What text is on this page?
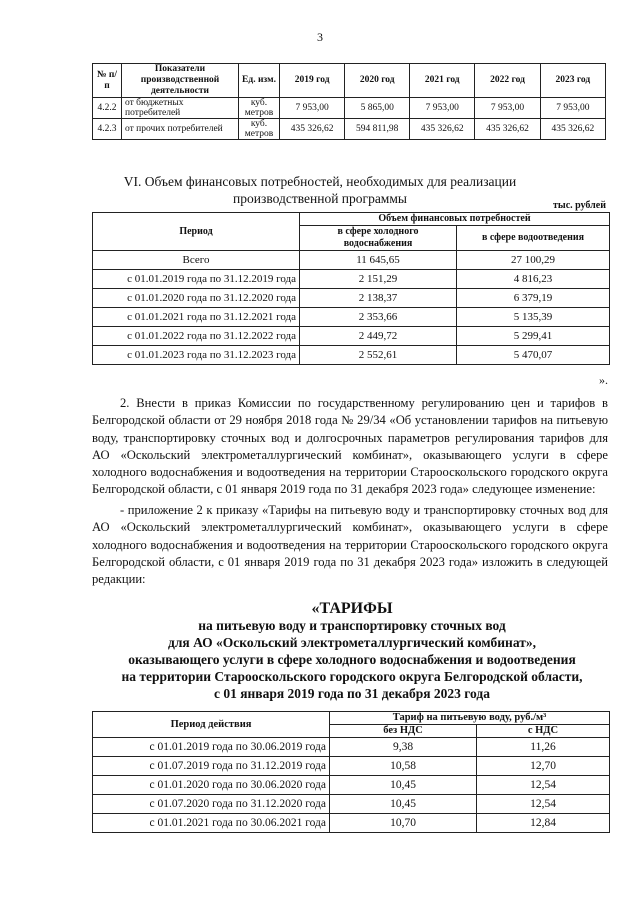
3
№ п/п	Показатели производственной деятельности	Ед. изм.	2019 год	2020 год	2021 год	2022 год	2023 год
4.2.2	от бюджетных потребителей	куб. метров	7 953,00	5 865,00	7 953,00	7 953,00	7 953,00
4.2.3	от прочих потребителей	куб. метров	435 326,62	594 811,98	435 326,62	435 326,62	435 326,62
VI. Объем финансовых потребностей, необходимых для реализации
производственной программы	тыс. рублей
Период	Объем финансовых потребностей	
	в сфере холодного водоснабжения	в сфере водоотведения
Всего	11 645,65	27 100,29
с 01.01.2019 года по 31.12.2019 года	2 151,29	4 816,23
с 01.01.2020 года по 31.12.2020 года	2 138,37	6 379,19
с 01.01.2021 года по 31.12.2021 года	2 353,66	5 135,39
с 01.01.2022 года по 31.12.2022 года	2 449,72	5 299,41
с 01.01.2023 года по 31.12.2023 года	2 552,61	5 470,07
».

2. Внести в приказ Комиссии по государственному регулированию цен и тарифов в Белгородской области от 29 ноября 2018 года № 29/34 «Об установлении тарифов на питьевую воду, транспортировку сточных вод и долгосрочных параметров регулирования тарифов для АО «Оскольский электрометаллургический комбинат», оказывающего услуги в сфере холодного водоснабжения и водоотведения на территории Старооскольского городского округа Белгородской области, с 01 января 2019 года по 31 декабря 2023 года» следующее изменение:

- приложение 2 к приказу «Тарифы на питьевую воду и транспортировку сточных вод для АО «Оскольский электрометаллургический комбинат», оказывающего услуги в сфере холодного водоснабжения и водоотведения на территории Старооскольского городского округа Белгородской области, с 01 января 2019 года по 31 декабря 2023 года» изложить в следующей редакции:

«ТАРИФЫ
на питьевую воду и транспортировку сточных вод
для АО «Оскольский электрометаллургический комбинат»,
оказывающего услуги в сфере холодного водоснабжения и водоотведения
на территории Старооскольского городского округа Белгородской области,
с 01 января 2019 года по 31 декабря 2023 года
Период действия	Тариф на питьевую воду, руб./м³	
	без НДС	с НДС
с 01.01.2019 года по 30.06.2019 года	9,38	11,26
с 01.07.2019 года по 31.12.2019 года	10,58	12,70
с 01.01.2020 года по 30.06.2020 года	10,45	12,54
с 01.07.2020 года по 31.12.2020 года	10,45	12,54
с 01.01.2021 года по 30.06.2021 года	10,70	12,84
